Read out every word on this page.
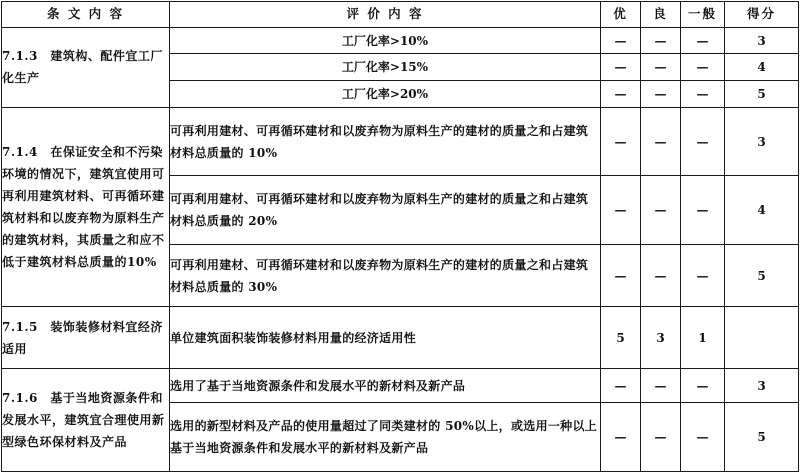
条 文 内 容	评 价 内 容	优	良	一般	得分

7.1.3　建筑构、配件宜工厂化生产	工厂化率>10%	—	—	—	3
	工厂化率>15%	—	—	—	4
	工厂化率>20%	—	—	—	5

7.1.4　在保证安全和不污染环境的情况下，建筑宜使用可再利用建筑材料、可再循环建筑材料和以废弃物为原料生产的建筑材料，其质量之和应不低于建筑材料总质量的10%	可再利用建材、可再循环建材和以废弃物为原料生产的建材的质量之和占建筑材料总质量的 10%	—	—	—	3
	可再利用建材、可再循环建材和以废弃物为原料生产的建材的质量之和占建筑材料总质量的 20%	—	—	—	4
	可再利用建材、可再循环建材和以废弃物为原料生产的建材的质量之和占建筑材料总质量的 30%	—	—	—	5

7.1.5　装饰装修材料宜经济适用	单位建筑面积装饰装修材料用量的经济适用性	5	3	1	

7.1.6　基于当地资源条件和发展水平，建筑宜合理使用新型绿色环保材料及产品	选用了基于当地资源条件和发展水平的新材料及新产品	—	—	—	3
	选用的新型材料及产品的使用量超过了同类建材的 50%以上，或选用一种以上基于当地资源条件和发展水平的新材料及新产品	—	—	—	5
